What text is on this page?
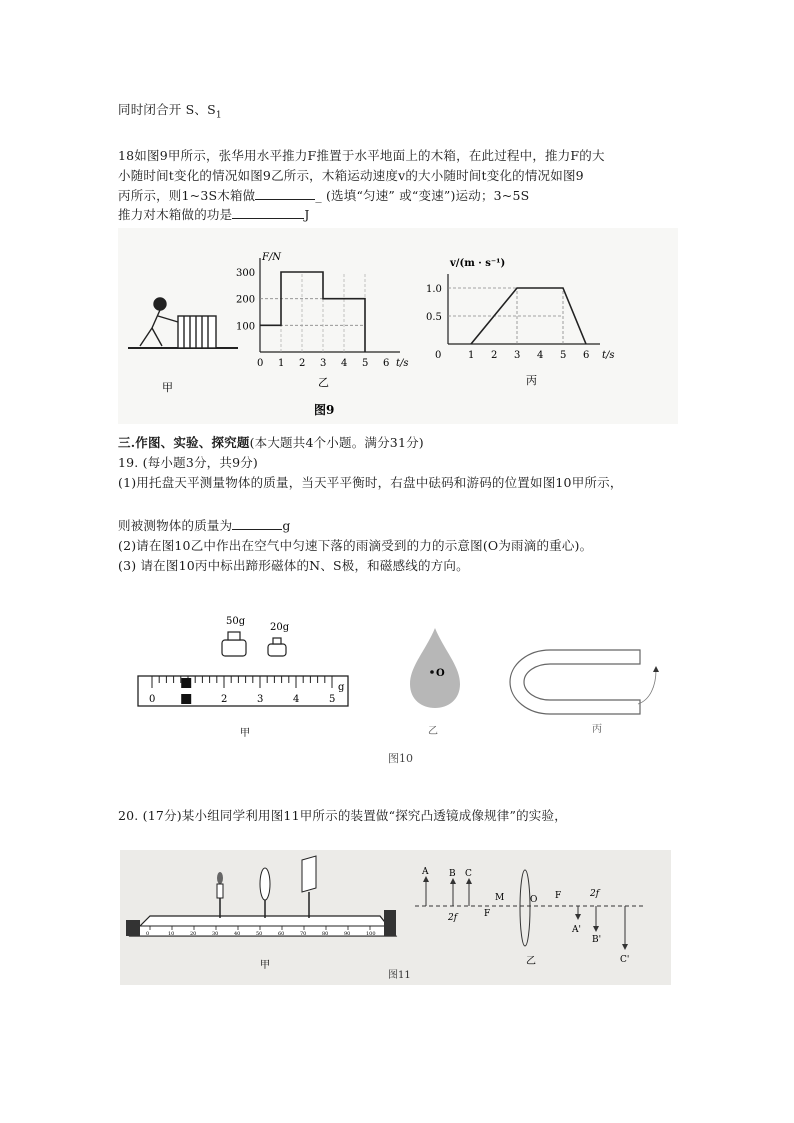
同时闭合开 S、$S_1$
18如图9甲所示，张华用水平推力F推置于水平地面上的木箱，在此过程中，推力F的大
小随时间t变化的情况如图9乙所示，木箱运动速度v的大小随时间t变化的情况如图9
丙所示，则1~3S木箱做	_ (选填“匀速” 或“变速”)运动；3~5S
推力对木箱做的功是	J
甲
300
200
100
0 1 2 3 4 5 6 t/s
F/N
乙
1.0
0.5
0	1 2 3 4 5 6 t/s
v/(m · s⁻¹)
丙
图9
三.作图、实验、探究题(本大题共4个小题。满分31分)
19. (每小题3分，共9分)
(1)用托盘天平测量物体的质量，当天平平衡时，右盘中砝码和游码的位置如图10甲所示，
则被测物体的质量为	g
(2)请在图10乙中作出在空气中匀速下落的雨滴受到的力的示意图(O为雨滴的重心)。
(3) 请在图10丙中标出蹄形磁体的N、S极，和磁感线的方向。
50g
20g
0	2	3	4	5
g
甲
O
乙	丙
图10
20. (17分)某小组同学利用图11甲所示的装置做“探究凸透镜成像规律”的实验，
0	10	20	30	40	50	60	70	80	90	100
甲
A B C
M	O F	2f
2f	F
A'
B'
C'
乙
图11
